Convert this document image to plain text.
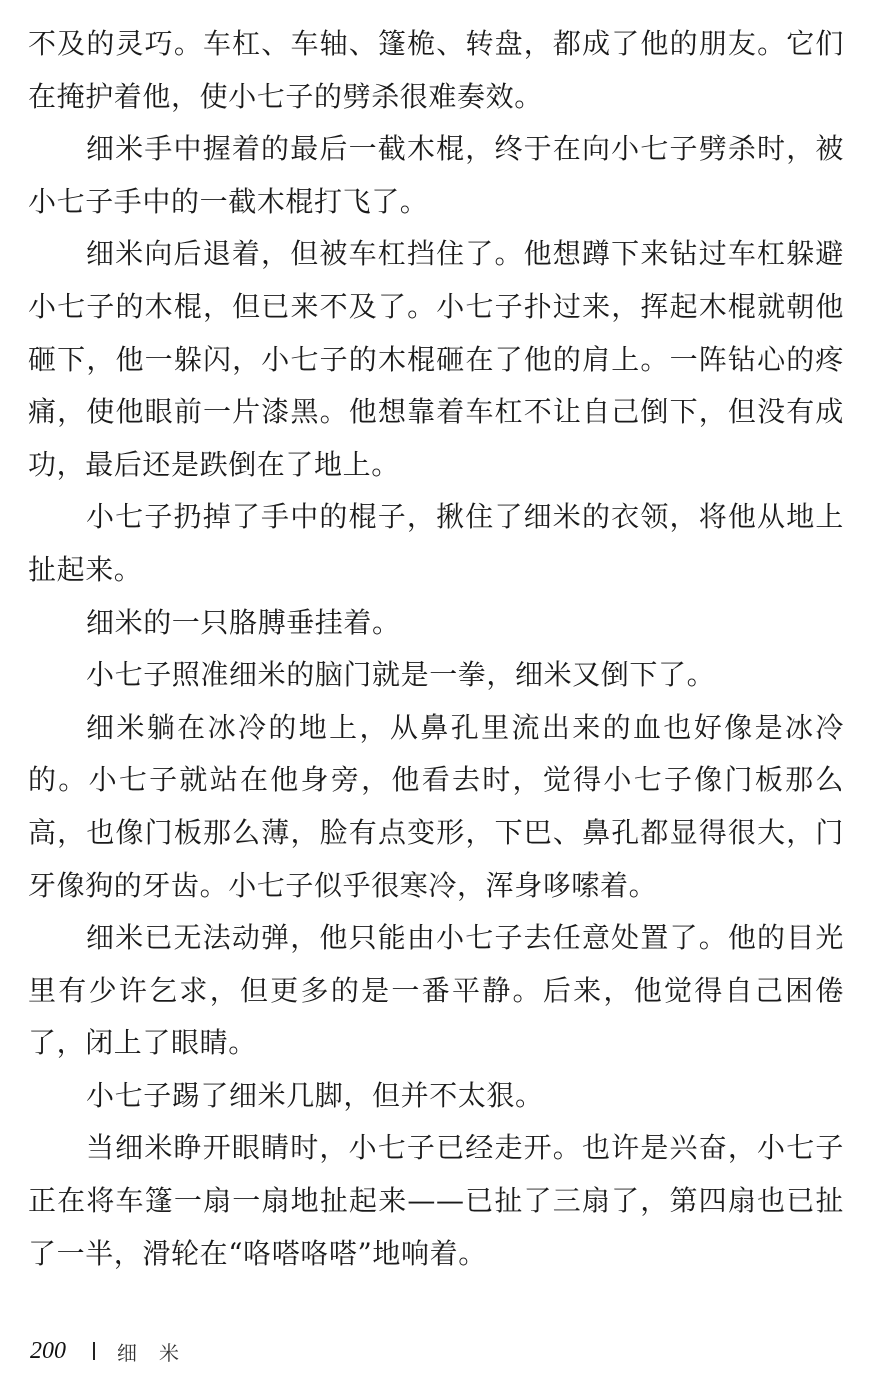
不及的灵巧。车杠、车轴、篷桅、转盘，都成了他的朋友。它们在掩护着他，使小七子的劈杀很难奏效。

细米手中握着的最后一截木棍，终于在向小七子劈杀时，被小七子手中的一截木棍打飞了。

细米向后退着，但被车杠挡住了。他想蹲下来钻过车杠躲避小七子的木棍，但已来不及了。小七子扑过来，挥起木棍就朝他砸下，他一躲闪，小七子的木棍砸在了他的肩上。一阵钻心的疼痛，使他眼前一片漆黑。他想靠着车杠不让自己倒下，但没有成功，最后还是跌倒在了地上。

小七子扔掉了手中的棍子，揪住了细米的衣领，将他从地上扯起来。

细米的一只胳膊垂挂着。

小七子照准细米的脑门就是一拳，细米又倒下了。

细米躺在冰冷的地上，从鼻孔里流出来的血也好像是冰冷的。小七子就站在他身旁，他看去时，觉得小七子像门板那么高，也像门板那么薄，脸有点变形，下巴、鼻孔都显得很大，门牙像狗的牙齿。小七子似乎很寒冷，浑身哆嗦着。

细米已无法动弹，他只能由小七子去任意处置了。他的目光里有少许乞求，但更多的是一番平静。后来，他觉得自己困倦了，闭上了眼睛。

小七子踢了细米几脚，但并不太狠。

当细米睁开眼睛时，小七子已经走开。也许是兴奋，小七子正在将车篷一扇一扇地扯起来——已扯了三扇了，第四扇也已扯了一半，滑轮在“咯嗒咯嗒”地响着。

200	细米
